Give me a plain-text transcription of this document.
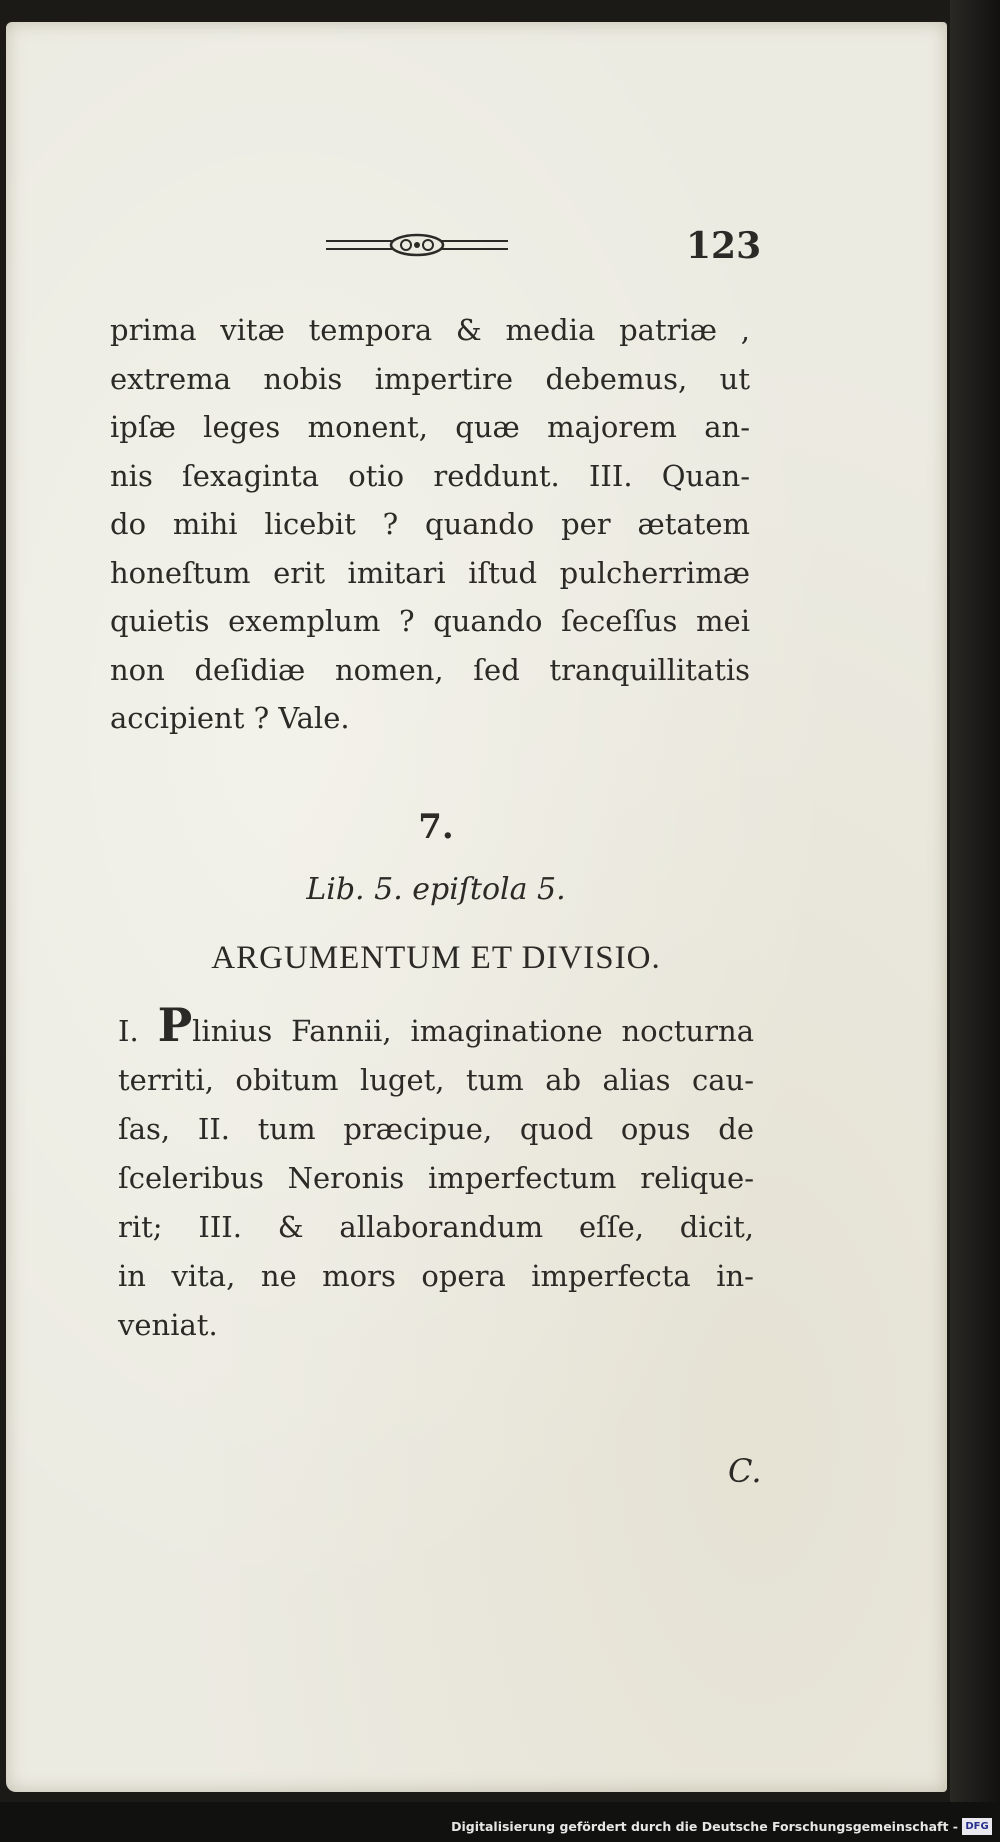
123
prima vitæ tempora & media patriæ ,
extrema nobis impertire debemus, ut
ipſæ leges monent, quæ majorem an-
nis ſexaginta otio reddunt. III. Quan-
do mihi licebit ? quando per ætatem
honeſtum erit imitari iſtud pulcherrimæ
quietis exemplum ? quando ſeceſſus mei
non deſidiæ nomen, ſed tranquillitatis
accipient ? Vale.
7.
Lib. 5. epiſtola 5.
ARGUMENTUM ET DIVISIO.
I. Plinius Fannii, imaginatione nocturna
territi, obitum luget, tum ab alias cau-
ſas, II. tum præcipue, quod opus de
ſceleribus Neronis imperfectum reliquе-
rit; III. & allaborandum eſſe, dicit,
in vita, ne mors opera imperfecta in-
veniat.
C.
Digitalisierung gefördert durch die Deutsche Forschungsgemeinschaft - DFG
